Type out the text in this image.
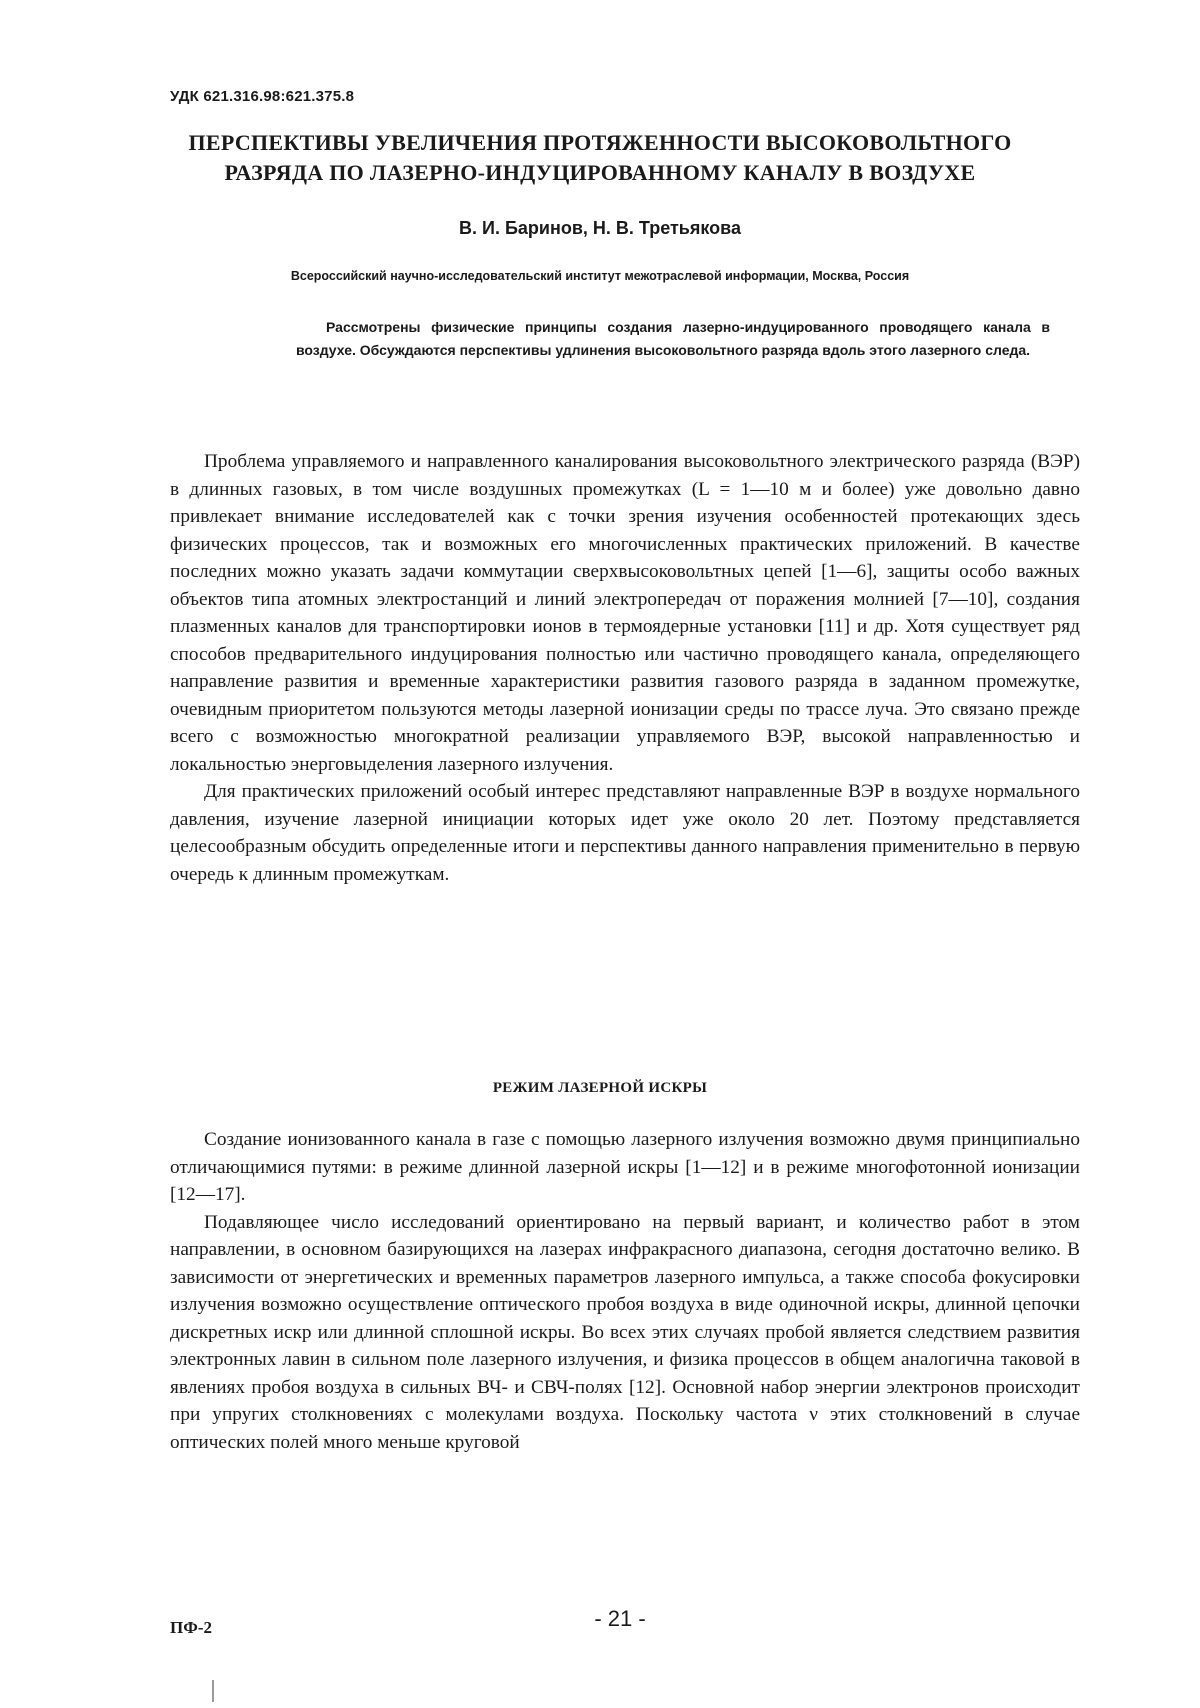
УДК 621.316.98:621.375.8
ПЕРСПЕКТИВЫ УВЕЛИЧЕНИЯ ПРОТЯЖЕННОСТИ ВЫСОКОВОЛЬТНОГО
РАЗРЯДА ПО ЛАЗЕРНО-ИНДУЦИРОВАННОМУ КАНАЛУ В ВОЗДУХЕ
В. И. Баринов, Н. В. Третьякова
Всероссийский научно-исследовательский институт межотраслевой информации, Москва, Россия

Рассмотрены физические принципы создания лазерно-индуцированного проводящего канала в воздухе. Обсуждаются перспективы удлинения высоковольтного разряда вдоль этого лазерного следа.

Проблема управляемого и направленного каналирования высоковольтного электрического разряда (ВЭР) в длинных газовых, в том числе воздушных промежутках (L = 1—10 м и более) уже довольно давно привлекает внимание исследователей как с точки зрения изучения особенностей протекающих здесь физических процессов, так и возможных его многочисленных практических приложений. В качестве последних можно указать задачи коммутации сверхвысоковольтных цепей [1—6], защиты особо важных объектов типа атомных электростанций и линий электропередач от поражения молнией [7—10], создания плазменных каналов для транспортировки ионов в термоядерные установки [11] и др. Хотя существует ряд способов предварительного индуцирования полностью или частично проводящего канала, определяющего направление развития и временные характеристики развития газового разряда в заданном промежутке, очевидным приоритетом пользуются методы лазерной ионизации среды по трассе луча. Это связано прежде всего с возможностью многократной реализации управляемого ВЭР, высокой направленностью и локальностью энерговыделения лазерного излучения.

Для практических приложений особый интерес представляют направленные ВЭР в воздухе нормального давления, изучение лазерной инициации которых идет уже около 20 лет. Поэтому представляется целесообразным обсудить определенные итоги и перспективы данного направления применительно в первую очередь к длинным промежуткам.

РЕЖИМ ЛАЗЕРНОЙ ИСКРЫ

Создание ионизованного канала в газе с помощью лазерного излучения возможно двумя принципиально отличающимися путями: в режиме длинной лазерной искры [1—12] и в режиме многофотонной ионизации [12—17].

Подавляющее число исследований ориентировано на первый вариант, и количество работ в этом направлении, в основном базирующихся на лазерах инфракрасного диапазона, сегодня достаточно велико. В зависимости от энергетических и временных параметров лазерного импульса, а также способа фокусировки излучения возможно осуществление оптического пробоя воздуха в виде одиночной искры, длинной цепочки дискретных искр или длинной сплошной искры. Во всех этих случаях пробой является следствием развития электронных лавин в сильном поле лазерного излучения, и физика процессов в общем аналогична таковой в явлениях пробоя воздуха в сильных ВЧ- и СВЧ-полях [12]. Основной набор энергии электронов происходит при упругих столкновениях с молекулами воздуха. Поскольку частота ν этих столкновений в случае оптических полей много меньше круговой

ПФ-2	- 21 -
